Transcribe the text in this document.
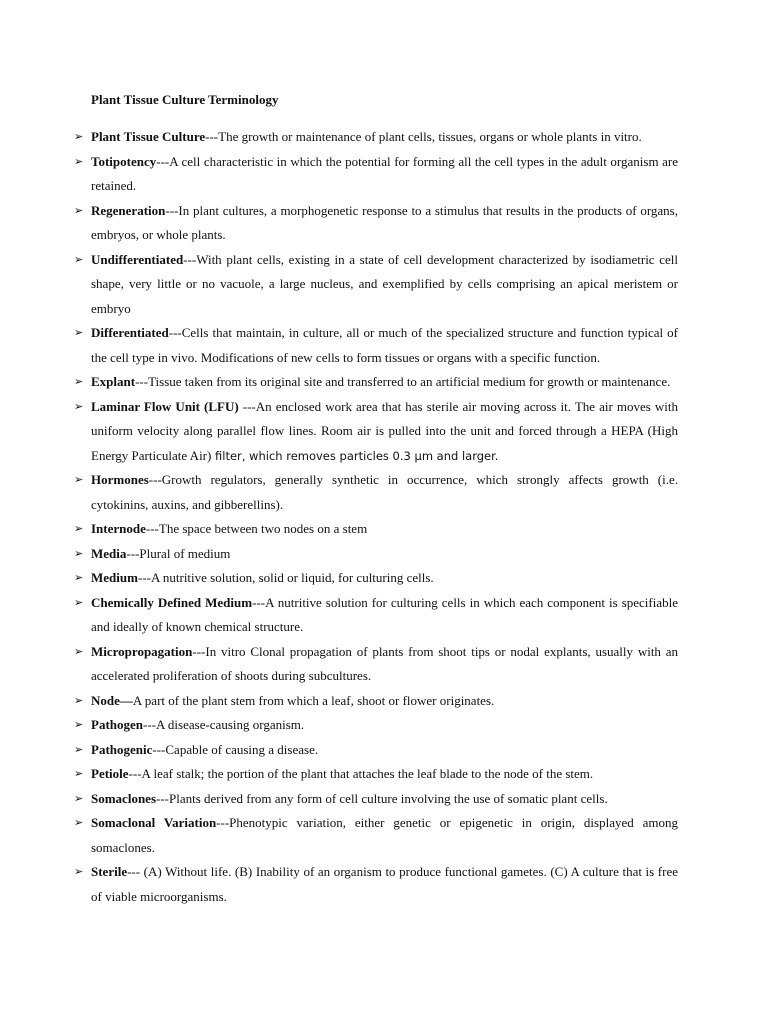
Plant Tissue Culture Terminology
➢ Plant Tissue Culture---The growth or maintenance of plant cells, tissues, organs or whole plants in vitro.
➢ Totipotency---A cell characteristic in which the potential for forming all the cell types in the adult organism are retained.
➢ Regeneration---In plant cultures, a morphogenetic response to a stimulus that results in the products of organs, embryos, or whole plants.
➢ Undifferentiated---With plant cells, existing in a state of cell development characterized by isodiametric cell shape, very little or no vacuole, a large nucleus, and exemplified by cells comprising an apical meristem or embryo
➢ Differentiated---Cells that maintain, in culture, all or much of the specialized structure and function typical of the cell type in vivo. Modifications of new cells to form tissues or organs with a specific function.
➢ Explant---Tissue taken from its original site and transferred to an artificial medium for growth or maintenance.
➢ Laminar Flow Unit (LFU) ---An enclosed work area that has sterile air moving across it. The air moves with uniform velocity along parallel flow lines. Room air is pulled into the unit and forced through a HEPA (High Energy Particulate Air) filter, which removes particles 0.3 µm and larger.
➢ Hormones---Growth regulators, generally synthetic in occurrence, which strongly affects growth (i.e. cytokinins, auxins, and gibberellins).
➢ Internode---The space between two nodes on a stem
➢ Media---Plural of medium
➢ Medium---A nutritive solution, solid or liquid, for culturing cells.
➢ Chemically Defined Medium---A nutritive solution for culturing cells in which each component is specifiable and ideally of known chemical structure.
➢ Micropropagation---In vitro Clonal propagation of plants from shoot tips or nodal explants, usually with an accelerated proliferation of shoots during subcultures.
➢ Node—A part of the plant stem from which a leaf, shoot or flower originates.
➢ Pathogen---A disease-causing organism.
➢ Pathogenic---Capable of causing a disease.
➢ Petiole---A leaf stalk; the portion of the plant that attaches the leaf blade to the node of the stem.
➢ Somaclones---Plants derived from any form of cell culture involving the use of somatic plant cells.
➢ Somaclonal Variation---Phenotypic variation, either genetic or epigenetic in origin, displayed among somaclones.
➢ Sterile--- (A) Without life. (B) Inability of an organism to produce functional gametes. (C) A culture that is free of viable microorganisms.
